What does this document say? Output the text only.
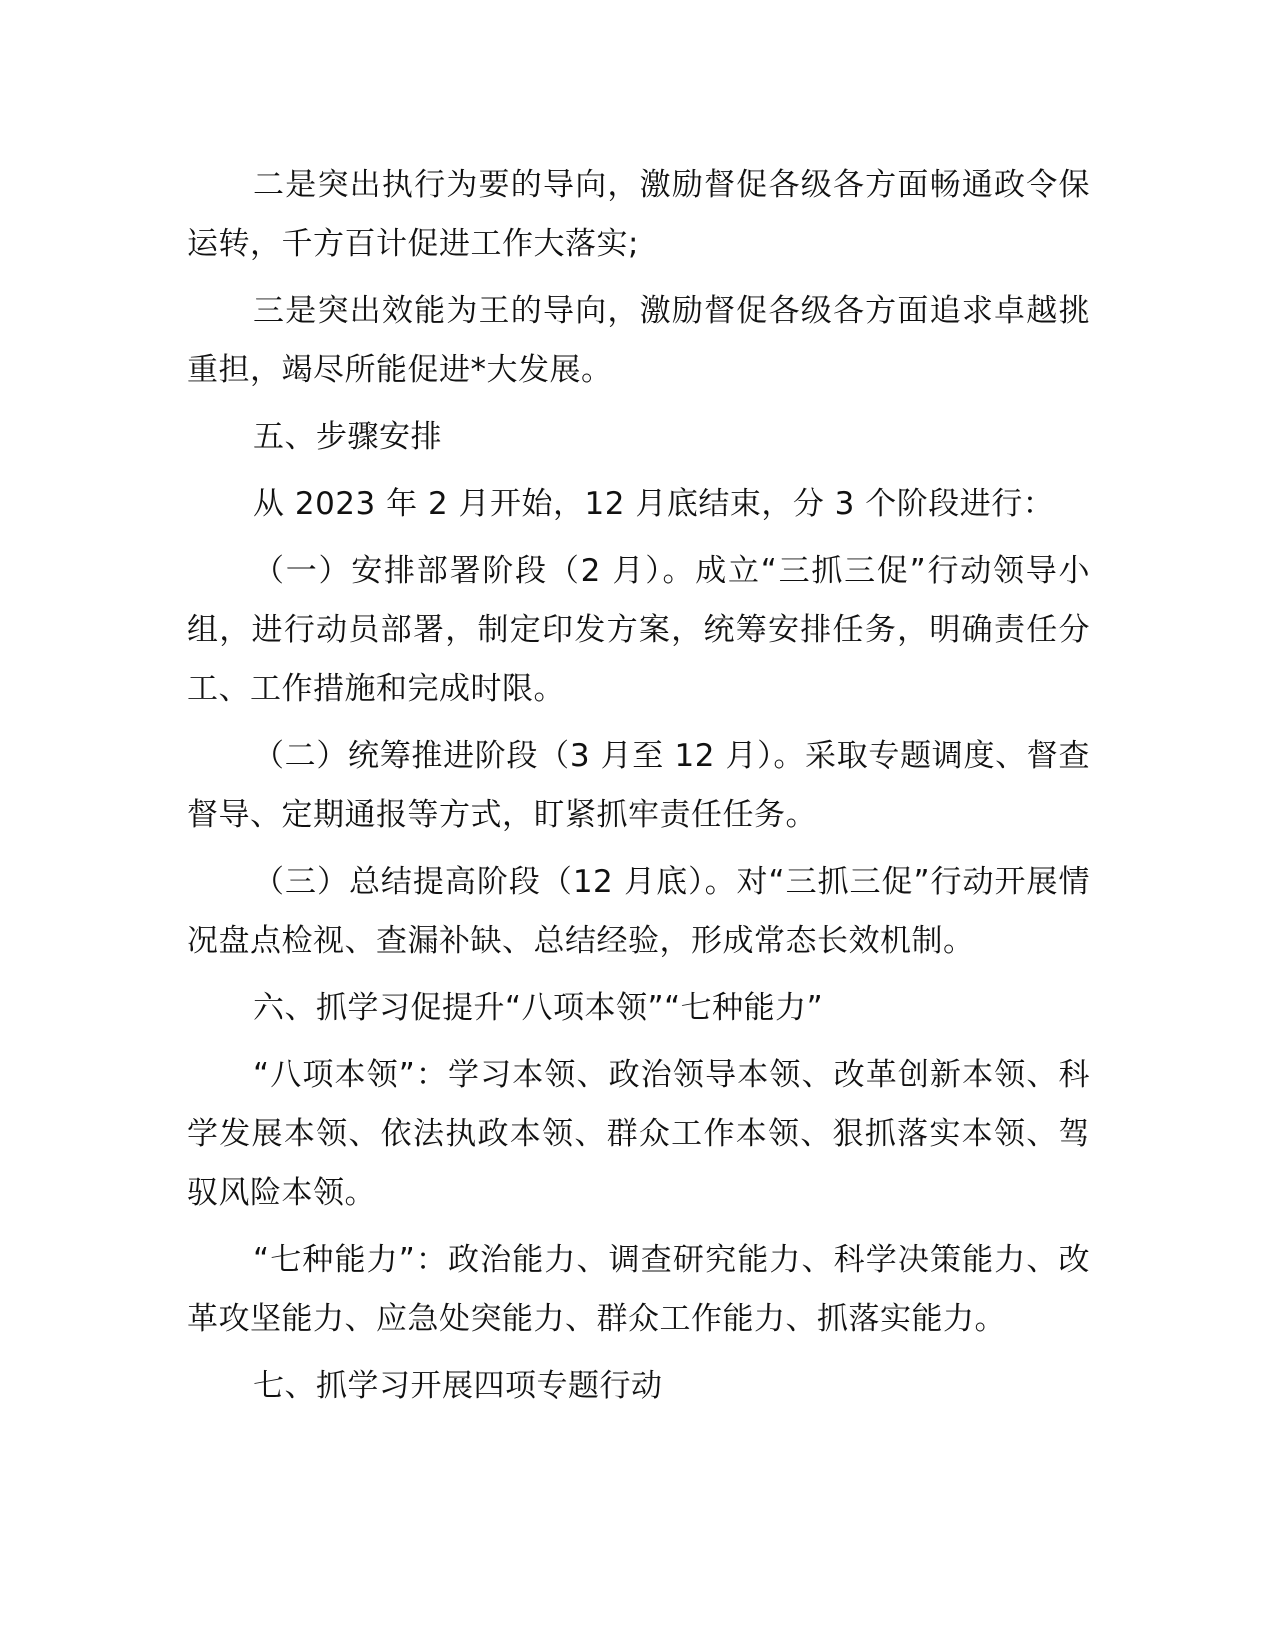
二是突出执行为要的导向，激励督促各级各方面畅通政令保运转，千方百计促进工作大落实;

三是突出效能为王的导向，激励督促各级各方面追求卓越挑重担，竭尽所能促进*大发展。

五、步骤安排

从 2023 年 2 月开始，12 月底结束，分 3 个阶段进行：

（一）安排部署阶段（2 月）。成立“三抓三促”行动领导小组，进行动员部署，制定印发方案，统筹安排任务，明确责任分工、工作措施和完成时限。

（二）统筹推进阶段（3 月至 12 月）。采取专题调度、督查督导、定期通报等方式，盯紧抓牢责任任务。

（三）总结提高阶段（12 月底）。对“三抓三促”行动开展情况盘点检视、查漏补缺、总结经验，形成常态长效机制。

六、抓学习促提升“八项本领”“七种能力”

“八项本领”：学习本领、政治领导本领、改革创新本领、科学发展本领、依法执政本领、群众工作本领、狠抓落实本领、驾驭风险本领。

“七种能力”：政治能力、调查研究能力、科学决策能力、改革攻坚能力、应急处突能力、群众工作能力、抓落实能力。

七、抓学习开展四项专题行动
